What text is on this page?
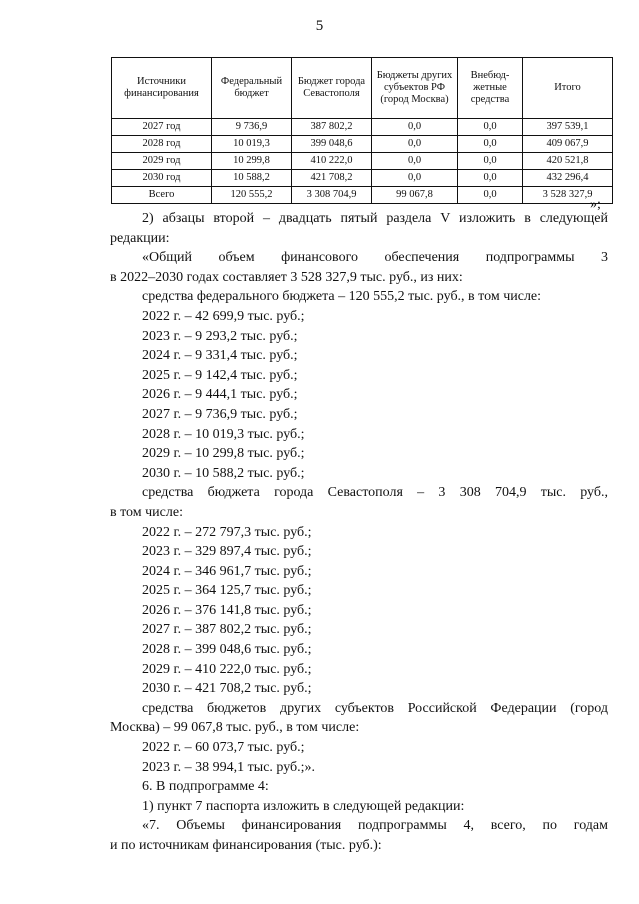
5
Источники финансирования	Федеральный бюджет	Бюджет города Севастополя	Бюджеты других субъектов РФ (город Москва)	Внебюд-жетные средства	Итого
2027 год	9 736,9	387 802,2	0,0	0,0	397 539,1
2028 год	10 019,3	399 048,6	0,0	0,0	409 067,9
2029 год	10 299,8	410 222,0	0,0	0,0	420 521,8
2030 год	10 588,2	421 708,2	0,0	0,0	432 296,4
Всего	120 555,2	3 308 704,9	99 067,8	0,0	3 528 327,9
»;

2) абзацы второй – двадцать пятый раздела V изложить в следующей

редакции:

«Общий объем финансового обеспечения подпрограммы 3

в 2022–2030 годах составляет 3 528 327,9 тыс. руб., из них:

средства федерального бюджета – 120 555,2 тыс. руб., в том числе:

2022 г. – 42 699,9 тыс. руб.;

2023 г. – 9 293,2 тыс. руб.;

2024 г. – 9 331,4 тыс. руб.;

2025 г. – 9 142,4 тыс. руб.;

2026 г. – 9 444,1 тыс. руб.;

2027 г. – 9 736,9 тыс. руб.;

2028 г. – 10 019,3 тыс. руб.;

2029 г. – 10 299,8 тыс. руб.;

2030 г. – 10 588,2 тыс. руб.;

средства бюджета города Севастополя – 3 308 704,9 тыс. руб.,

в том числе:

2022 г. – 272 797,3 тыс. руб.;

2023 г. – 329 897,4 тыс. руб.;

2024 г. – 346 961,7 тыс. руб.;

2025 г. – 364 125,7 тыс. руб.;

2026 г. – 376 141,8 тыс. руб.;

2027 г. – 387 802,2 тыс. руб.;

2028 г. – 399 048,6 тыс. руб.;

2029 г. – 410 222,0 тыс. руб.;

2030 г. – 421 708,2 тыс. руб.;

средства бюджетов других субъектов Российской Федерации (город

Москва) – 99 067,8 тыс. руб., в том числе:

2022 г. – 60 073,7 тыс. руб.;

2023 г. – 38 994,1 тыс. руб.;».

6. В подпрограмме 4:

1) пункт 7 паспорта изложить в следующей редакции:

«7. Объемы финансирования подпрограммы 4, всего, по годам

и по источникам финансирования (тыс. руб.):
